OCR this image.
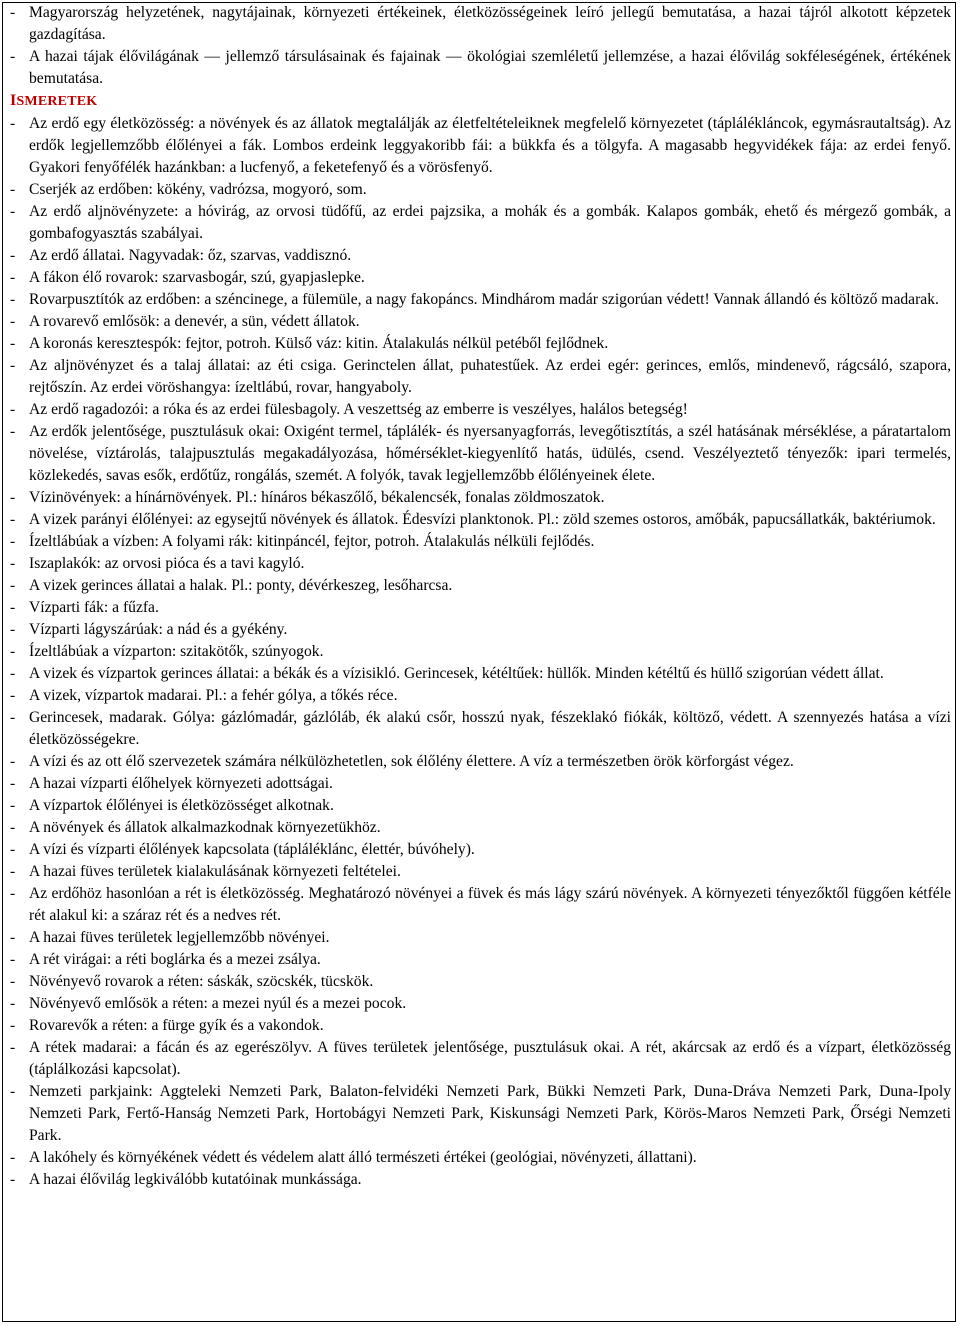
- Magyarország helyzetének, nagytájainak, környezeti értékeinek, életközösségeinek leíró jellegű bemutatása, a hazai tájról alkotott képzetek gazdagítása.
- A hazai tájak élővilágának — jellemző társulásainak és fajainak — ökológiai szemléletű jellemzése, a hazai élővilág sokféleségének, értékének bemutatása.
ISMERETEK
- Az erdő egy életközösség: a növények és az állatok megtalálják az életfeltételeiknek megfelelő környezetet (táplálékláncok, egymásrautaltság). Az erdők legjellemzőbb élőlényei a fák. Lombos erdeink leggyakoribb fái: a bükkfa és a tölgyfa. A magasabb hegyvidékek fája: az erdei fenyő. Gyakori fenyőfélék hazánkban: a lucfenyő, a feketefenyő és a vörösfenyő.
- Cserjék az erdőben: kökény, vadrózsa, mogyoró, som.
- Az erdő aljnövényzete: a hóvirág, az orvosi tüdőfű, az erdei pajzsika, a mohák és a gombák. Kalapos gombák, ehető és mérgező gombák, a gombafogyasztás szabályai.
- Az erdő állatai. Nagyvadak: őz, szarvas, vaddisznó.
- A fákon élő rovarok: szarvasbogár, szú, gyapjaslepke.
- Rovarpusztítók az erdőben: a széncinege, a fülemüle, a nagy fakopáncs. Mindhárom madár szigorúan védett! Vannak állandó és költöző madarak.
- A rovarevő emlősök: a denevér, a sün, védett állatok.
- A koronás keresztespók: fejtor, potroh. Külső váz: kitin. Átalakulás nélkül petéből fejlődnek.
- Az aljnövényzet és a talaj állatai: az éti csiga. Gerinctelen állat, puhatestűek. Az erdei egér: gerinces, emlős, mindenevő, rágcsáló, szapora, rejtőszín. Az erdei vöröshangya: ízeltlábú, rovar, hangyaboly.
- Az erdő ragadozói: a róka és az erdei fülesbagoly. A veszettség az emberre is veszélyes, halálos betegség!
- Az erdők jelentősége, pusztulásuk okai: Oxigént termel, táplálék- és nyersanyagforrás, levegőtisztítás, a szél hatásának mérséklése, a páratartalom növelése, víztárolás, talajpusztulás megakadályozása, hőmérséklet-kiegyenlítő hatás, üdülés, csend. Veszélyeztető tényezők: ipari termelés, közlekedés, savas esők, erdőtűz, rongálás, szemét. A folyók, tavak legjellemzőbb élőlényeinek élete.
- Vízinövények: a hínárnövények. Pl.: hínáros békaszőlő, békalencsék, fonalas zöldmoszatok.
- A vizek parányi élőlényei: az egysejtű növények és állatok. Édesvízi planktonok. Pl.: zöld szemes ostoros, amőbák, papucsállatkák, baktériumok.
- Ízeltlábúak a vízben: A folyami rák: kitinpáncél, fejtor, potroh. Átalakulás nélküli fejlődés.
- Iszaplakók: az orvosi pióca és a tavi kagyló.
- A vizek gerinces állatai a halak. Pl.: ponty, dévérkeszeg, lesőharcsa.
- Vízparti fák: a fűzfa.
- Vízparti lágyszárúak: a nád és a gyékény.
- Ízeltlábúak a vízparton: szitakötők, szúnyogok.
- A vizek és vízpartok gerinces állatai: a békák és a vízisikló. Gerincesek, kétéltűek: hüllők. Minden kétéltű és hüllő szigorúan védett állat.
- A vizek, vízpartok madarai. Pl.: a fehér gólya, a tőkés réce.
- Gerincesek, madarak. Gólya: gázlómadár, gázlóláb, ék alakú csőr, hosszú nyak, fészeklakó fiókák, költöző, védett. A szennyezés hatása a vízi életközösségekre.
- A vízi és az ott élő szervezetek számára nélkülözhetetlen, sok élőlény élettere. A víz a természetben örök körforgást végez.
- A hazai vízparti élőhelyek környezeti adottságai.
- A vízpartok élőlényei is életközösséget alkotnak.
- A növények és állatok alkalmazkodnak környezetükhöz.
- A vízi és vízparti élőlények kapcsolata (tápláléklánc, élettér, búvóhely).
- A hazai füves területek kialakulásának környezeti feltételei.
- Az erdőhöz hasonlóan a rét is életközösség. Meghatározó növényei a füvek és más lágy szárú növények. A környezeti tényezőktől függően kétféle rét alakul ki: a száraz rét és a nedves rét.
- A hazai füves területek legjellemzőbb növényei.
- A rét virágai: a réti boglárka és a mezei zsálya.
- Növényevő rovarok a réten: sáskák, szöcskék, tücskök.
- Növényevő emlősök a réten: a mezei nyúl és a mezei pocok.
- Rovarevők a réten: a fürge gyík és a vakondok.
- A rétek madarai: a fácán és az egerészölyv. A füves területek jelentősége, pusztulásuk okai. A rét, akárcsak az erdő és a vízpart, életközösség (táplálkozási kapcsolat).
- Nemzeti parkjaink: Aggteleki Nemzeti Park, Balaton-felvidéki Nemzeti Park, Bükki Nemzeti Park, Duna-Dráva Nemzeti Park, Duna-Ipoly Nemzeti Park, Fertő-Hanság Nemzeti Park, Hortobágyi Nemzeti Park, Kiskunsági Nemzeti Park, Körös-Maros Nemzeti Park, Őrségi Nemzeti Park.
- A lakóhely és környékének védett és védelem alatt álló természeti értékei (geológiai, növényzeti, állattani).
- A hazai élővilág legkiválóbb kutatóinak munkássága.
